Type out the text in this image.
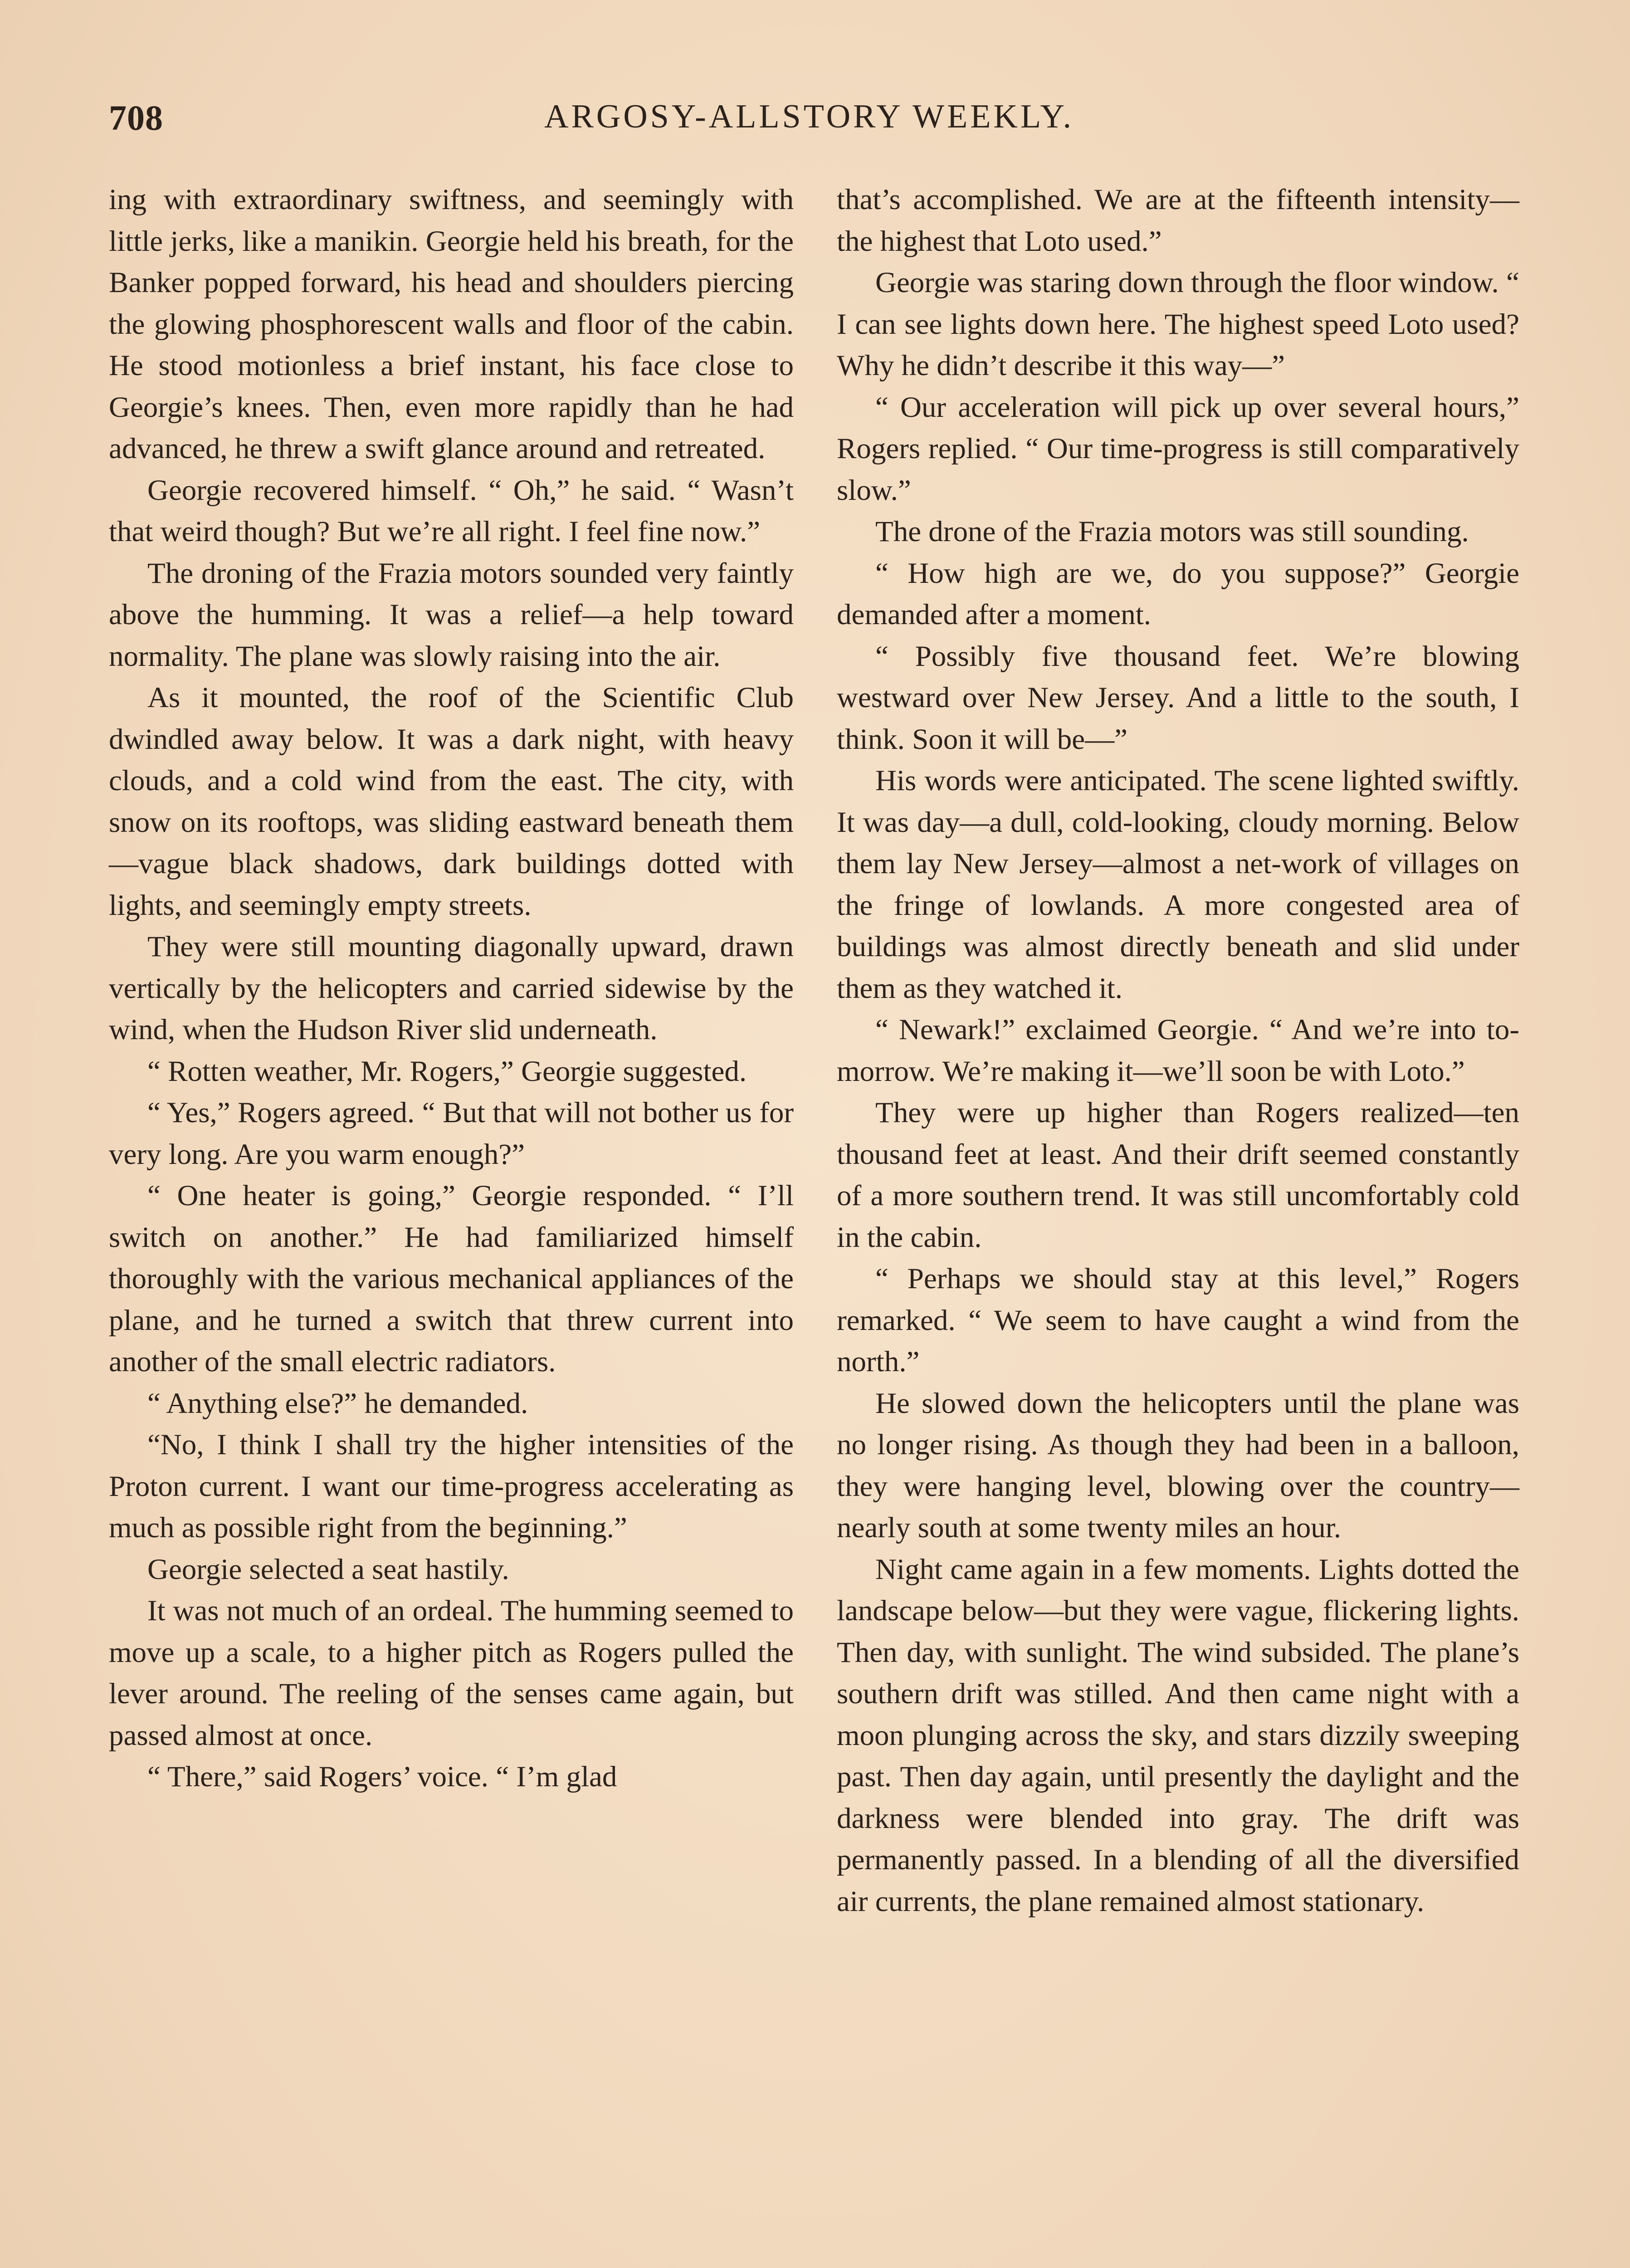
708	ARGOSY-ALLSTORY WEEKLY.

ing with extraordinary swiftness, and seemingly with little jerks, like a manikin. Georgie held his breath, for the Banker popped forward, his head and shoulders piercing the glowing phosphorescent walls and floor of the cabin. He stood motionless a brief instant, his face close to Georgie’s knees. Then, even more rapidly than he had advanced, he threw a swift glance around and retreated.

Georgie recovered himself. “ Oh,” he said. “ Wasn’t that weird though? But we’re all right. I feel fine now.”

The droning of the Frazia motors sounded very faintly above the humming. It was a relief—a help toward normality. The plane was slowly raising into the air.

As it mounted, the roof of the Scientific Club dwindled away below. It was a dark night, with heavy clouds, and a cold wind from the east. The city, with snow on its rooftops, was sliding eastward beneath them—vague black shadows, dark buildings dotted with lights, and seemingly empty streets.

They were still mounting diagonally upward, drawn vertically by the helicopters and carried sidewise by the wind, when the Hudson River slid underneath.

“ Rotten weather, Mr. Rogers,” Georgie suggested.

“ Yes,” Rogers agreed. “ But that will not bother us for very long. Are you warm enough?”

“ One heater is going,” Georgie responded. “ I’ll switch on another.” He had familiarized himself thoroughly with the various mechanical appliances of the plane, and he turned a switch that threw current into another of the small electric radiators.

“ Anything else?” he demanded.

“No, I think I shall try the higher intensities of the Proton current. I want our time-progress accelerating as much as possible right from the beginning.”

Georgie selected a seat hastily.

It was not much of an ordeal. The humming seemed to move up a scale, to a higher pitch as Rogers pulled the lever around. The reeling of the senses came again, but passed almost at once.

“ There,” said Rogers’ voice. “ I’m glad

that’s accomplished. We are at the fifteenth intensity—the highest that Loto used.”

Georgie was staring down through the floor window. “ I can see lights down here. The highest speed Loto used? Why he didn’t describe it this way—”

“ Our acceleration will pick up over several hours,” Rogers replied. “ Our time-progress is still comparatively slow.”

The drone of the Frazia motors was still sounding.

“ How high are we, do you suppose?” Georgie demanded after a moment.

“ Possibly five thousand feet. We’re blowing westward over New Jersey. And a little to the south, I think. Soon it will be—”

His words were anticipated. The scene lighted swiftly. It was day—a dull, cold-looking, cloudy morning. Below them lay New Jersey—almost a net-work of villages on the fringe of lowlands. A more congested area of buildings was almost directly beneath and slid under them as they watched it.

“ Newark!” exclaimed Georgie. “ And we’re into to-morrow. We’re making it—we’ll soon be with Loto.”

They were up higher than Rogers realized—ten thousand feet at least. And their drift seemed constantly of a more southern trend. It was still uncomfortably cold in the cabin.

“ Perhaps we should stay at this level,” Rogers remarked. “ We seem to have caught a wind from the north.”

He slowed down the helicopters until the plane was no longer rising. As though they had been in a balloon, they were hanging level, blowing over the country—nearly south at some twenty miles an hour.

Night came again in a few moments. Lights dotted the landscape below—but they were vague, flickering lights. Then day, with sunlight. The wind subsided. The plane’s southern drift was stilled. And then came night with a moon plunging across the sky, and stars dizzily sweeping past. Then day again, until presently the daylight and the darkness were blended into gray. The drift was permanently passed. In a blending of all the diversified air currents, the plane remained almost stationary.
